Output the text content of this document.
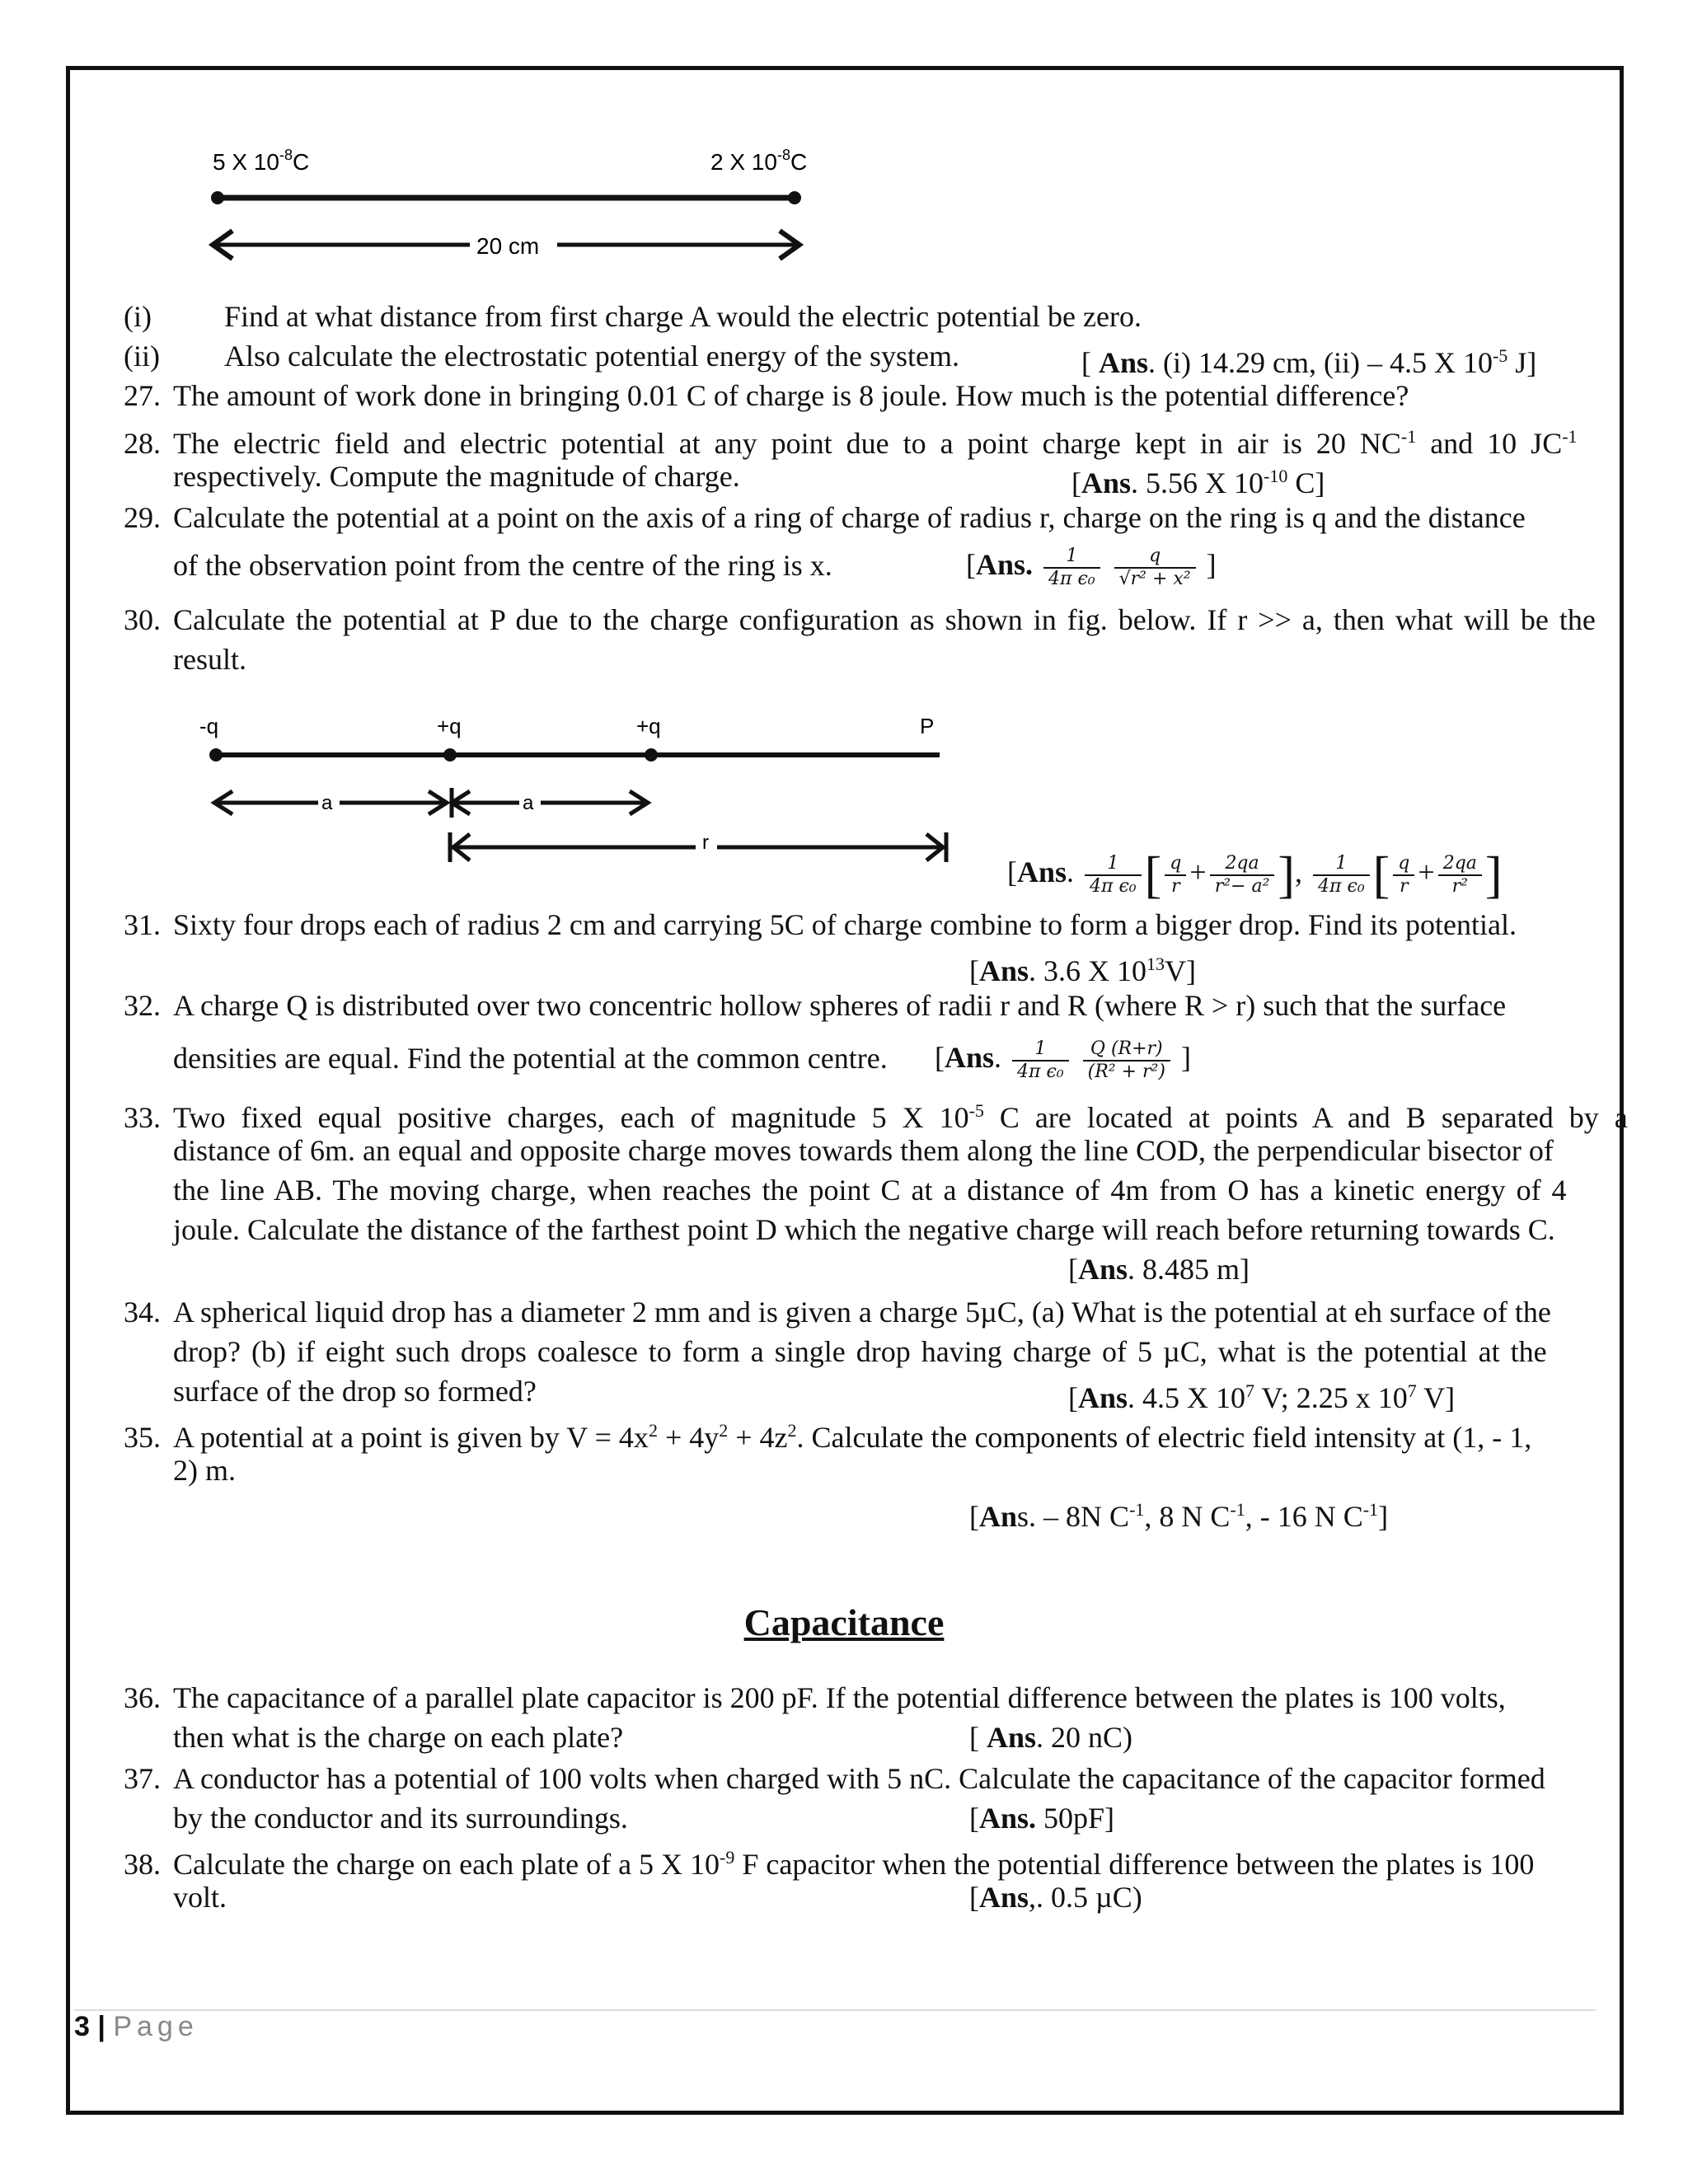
5 X $10^{-8}C$	2 X $10^{-8}C$
20 cm
(i) Find at what distance from first charge A would the electric potential be zero.
(ii) Also calculate the electrostatic potential energy of the system.	[ Ans. (i) 14.29 cm, (ii) – 4.5 X $10^{-5}$ J]
27. The amount of work done in bringing 0.01 C of charge is 8 joule. How much is the potential difference?
28. The electric field and electric potential at any point due to a point charge kept in air is 20 $NC^{-1}$ and 10 $JC^{-1}$
respectively. Compute the magnitude of charge.	[Ans. 5.56 X $10^{-10}$ C]
29. Calculate the potential at a point on the axis of a ring of charge of radius r, charge on the ring is q and the distance
of the observation point from the centre of the ring is x.	[Ans. $\frac{1}{\text{4π ϵ₀}}$
$\frac{q}{\text{√r² + x²}}$ ]
30. Calculate the potential at P due to the charge configuration as shown in fig. below. If r >> a, then what will be the
result.
-q	+q	+q	P
a	a
r
[Ans. $\frac{1}{\text{4π ϵ₀}}$ [ $\frac{q}{r} + \frac{2qa}{\text{r²− a²}}$ ], $\frac{1}{\text{4π ϵ₀}}$ [ $\frac{q}{r} + \frac{2qa}{\text{r²}}$ ]
31. Sixty four drops each of radius 2 cm and carrying 5C of charge combine to form a bigger drop. Find its potential.
[Ans. 3.6 X $10^{13}V$]
32. A charge Q is distributed over two concentric hollow spheres of radii r and R (where R > r) such that the surface
densities are equal. Find the potential at the common centre.	[Ans. $\frac{1}{\text{4π ϵ₀}}$
$\frac{Q (R+r)}{\text{(R² + r²)}}$ ]
33. Two fixed equal positive charges, each of magnitude 5 X $10^{-5}$ C are located at points A and B separated by a
distance of 6m. an equal and opposite charge moves towards them along the line COD, the perpendicular bisector of
the line AB. The moving charge, when reaches the point C at a distance of 4m from O has a kinetic energy of 4
joule. Calculate the distance of the farthest point D which the negative charge will reach before returning towards C.
[Ans. 8.485 m]
34. A spherical liquid drop has a diameter 2 mm and is given a charge 5µC, (a) What is the potential at eh surface of the
drop? (b) if eight such drops coalesce to form a single drop having charge of 5 µC, what is the potential at the
surface of the drop so formed?	[Ans. 4.5 X $10^7$ V; 2.25 x $10^7$ V]
35. A potential at a point is given by $V = 4x^2 + 4y^2 + 4z^2$. Calculate the components of electric field intensity at (1, - 1,
2) m.
[Ans. – 8N $C^{-1}$, 8 N $C^{-1}$, - 16 N $C^{-1}$]
Capacitance
36. The capacitance of a parallel plate capacitor is 200 pF. If the potential difference between the plates is 100 volts,
then what is the charge on each plate?	[ Ans. 20 nC)
37. A conductor has a potential of 100 volts when charged with 5 nC. Calculate the capacitance of the capacitor formed
by the conductor and its surroundings.	[Ans. 50pF]
38. Calculate the charge on each plate of a 5 X $10^{-9}$ F capacitor when the potential difference between the plates is 100
volt.	[Ans,. 0.5 µC)
3 | Page
